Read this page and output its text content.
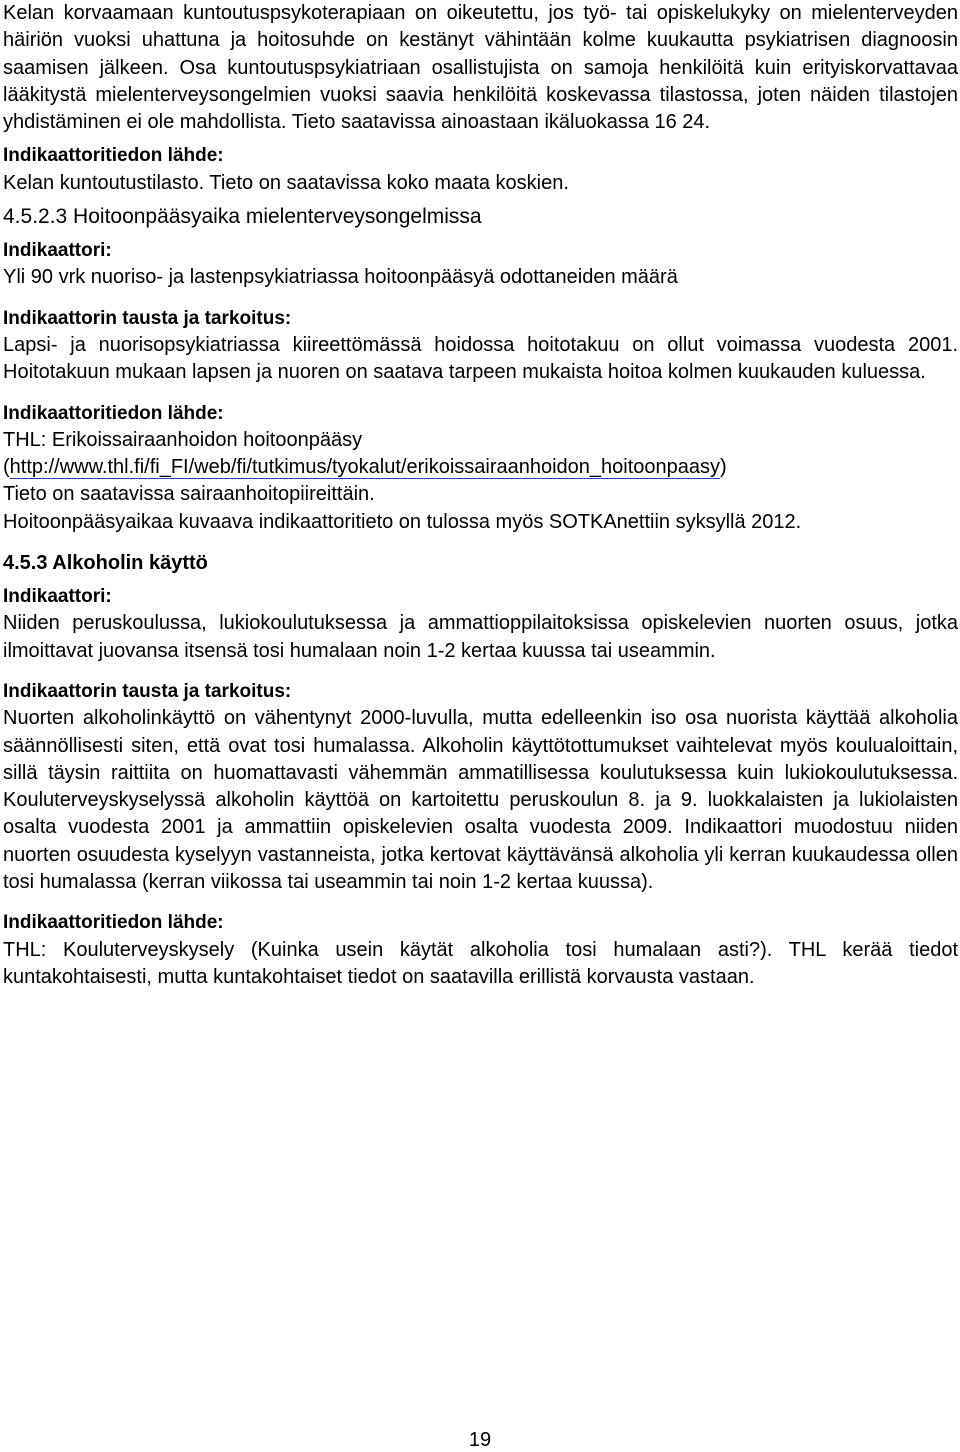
Kelan korvaamaan kuntoutuspsykoterapiaan on oikeutettu, jos työ- tai opiskelukyky on mielenterveyden häiriön vuoksi uhattuna ja hoitosuhde on kestänyt vähintään kolme kuukautta psykiatrisen diagnoosin saamisen jälkeen. Osa kuntoutuspsykiatriaan osallistujista on samoja henkilöitä kuin erityiskorvattavaa lääkitystä mielenterveysongelmien vuoksi saavia henkilöitä koskevassa tilastossa, joten näiden tilastojen yhdistäminen ei ole mahdollista. Tieto saatavissa ainoastaan ikäluokassa 16 24.

Indikaattoritiedon lähde:

Kelan kuntoutustilasto. Tieto on saatavissa koko maata koskien.

4.5.2.3 Hoitoonpääsyaika mielenterveysongelmissa

Indikaattori:

Yli 90 vrk nuoriso- ja lastenpsykiatriassa hoitoonpääsyä odottaneiden määrä

Indikaattorin tausta ja tarkoitus:

Lapsi- ja nuorisopsykiatriassa kiireettömässä hoidossa hoitotakuu on ollut voimassa vuodesta 2001. Hoitotakuun mukaan lapsen ja nuoren on saatava tarpeen mukaista hoitoa kolmen kuukauden kuluessa.

Indikaattoritiedon lähde:

THL: Erikoissairaanhoidon hoitoonpääsy

(http://www.thl.fi/fi_FI/web/fi/tutkimus/tyokalut/erikoissairaanhoidon_hoitoonpaasy)

Tieto on saatavissa sairaanhoitopiireittäin.

Hoitoonpääsyaikaa kuvaava indikaattoritieto on tulossa myös SOTKAnettiin syksyllä 2012.

4.5.3 Alkoholin käyttö

Indikaattori:

Niiden peruskoulussa, lukiokoulutuksessa ja ammattioppilaitoksissa opiskelevien nuorten osuus, jotka ilmoittavat juovansa itsensä tosi humalaan noin 1-2 kertaa kuussa tai useammin.

Indikaattorin tausta ja tarkoitus:

Nuorten alkoholinkäyttö on vähentynyt 2000-luvulla, mutta edelleenkin iso osa nuorista käyttää alkoholia säännöllisesti siten, että ovat tosi humalassa. Alkoholin käyttötottumukset vaihtelevat myös koulualoittain, sillä täysin raittiita on huomattavasti vähemmän ammatillisessa koulutuksessa kuin lukiokoulutuksessa. Kouluterveyskyselyssä alkoholin käyttöä on kartoitettu peruskoulun 8. ja 9. luokkalaisten ja lukiolaisten osalta vuodesta 2001 ja ammattiin opiskelevien osalta vuodesta 2009. Indikaattori muodostuu niiden nuorten osuudesta kyselyyn vastanneista, jotka kertovat käyttävänsä alkoholia yli kerran kuukaudessa ollen tosi humalassa (kerran viikossa tai useammin tai noin 1-2 kertaa kuussa).

Indikaattoritiedon lähde:

THL: Kouluterveyskysely (Kuinka usein käytät alkoholia tosi humalaan asti?). THL kerää tiedot kuntakohtaisesti, mutta kuntakohtaiset tiedot on saatavilla erillistä korvausta vastaan.

19
